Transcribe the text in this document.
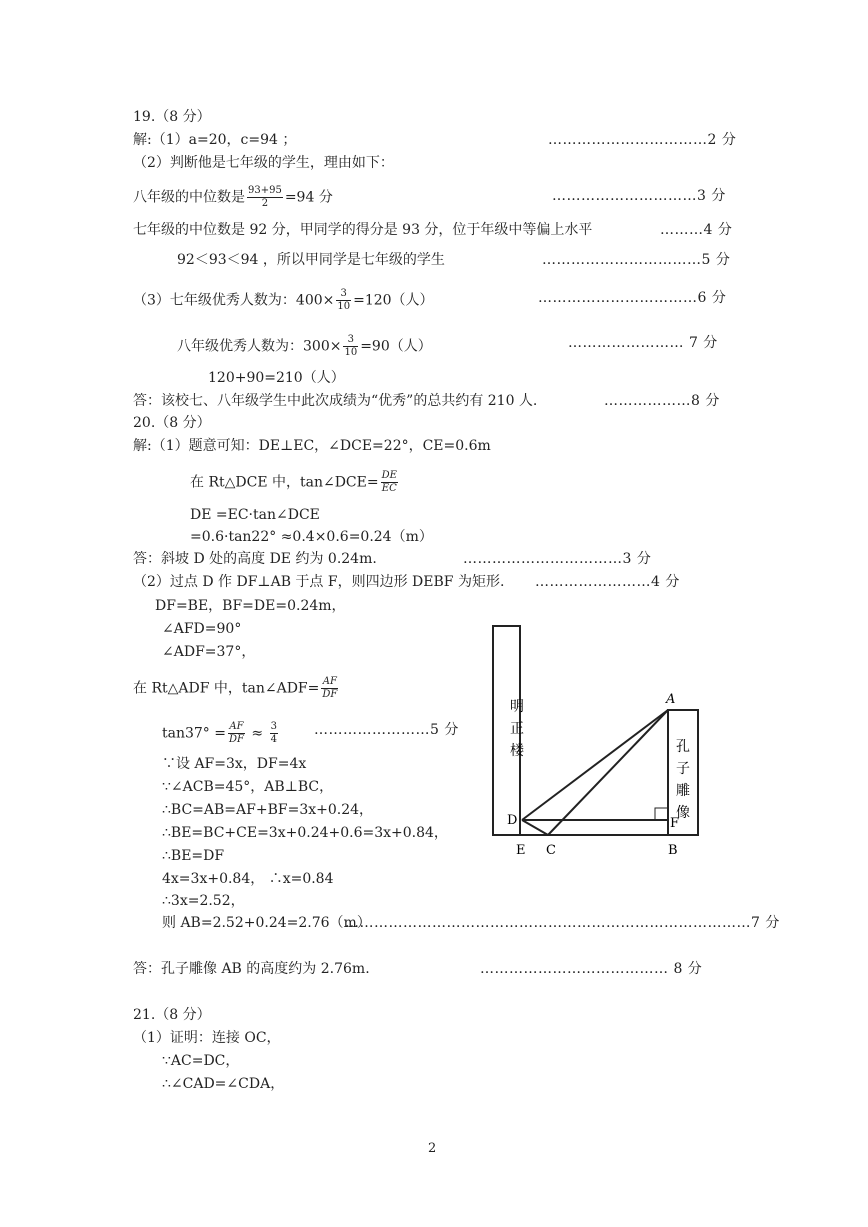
19.（8 分）
解:（1）a=20，c=94 ；	……………………………2 分
（2）判断他是七年级的学生，理由如下：
八年级的中位数是 $\frac{93+95}{2} =94$ 分	…………………………3 分
七年级的中位数是 92 分，甲同学的得分是 93 分，位于年级中等偏上水平	………4 分
92＜93＜94 ，所以甲同学是七年级的学生	……………………………5 分
（3）七年级优秀人数为：$400\times \frac{3}{10} =120$（人）	……………………………6 分
八年级优秀人数为：$300\times \frac{3}{10} =90$（人）	…………………… 7 分
120+90=210（人）
答：该校七、八年级学生中此次成绩为“优秀”的总共约有 210 人.	………………8 分
20.（8 分）
解:（1）题意可知：DE⊥EC，∠DCE=22°，CE=0.6m
在 Rt△DCE 中，tan∠DCE= $\frac{DE}{EC}$
DE =EC·tan∠DCE
=0.6·tan22° ≈0.4×0.6=0.24（m）
答：斜坡 D 处的高度 DE 约为 0.24m.	……………………………3 分
（2）过点 D 作 DF⊥AB 于点 F，则四边形 DEBF 为矩形. ……………………4 分
DF=BE，BF=DE=0.24m，
∠AFD=90°
∠ADF=37°，
在 Rt△ADF 中，tan∠ADF= $\frac{AF}{DF}$
$\tan 37^\circ = \frac{AF}{DF} \approx \frac{3}{4}$	……………………5 分
∵设 AF=3x，DF=4x
∵∠ACB=45°，AB⊥BC，
∴BC=AB=AF+BF=3x+0.24，
∴BE=BC+CE=3x+0.24+0.6=3x+0.84，
∴BE=DF
4x=3x+0.84， ∴x=0.84
∴3x=2.52，
则 AB=2.52+0.24=2.76（m）
…………………………………………………………………………7 分
答：孔子雕像 AB 的高度约为 2.76m.	………………………………… 8 分
21.（8 分）
（1）证明：连接 OC，
∵AC=DC，
∴∠CAD=∠CDA，
明
正
楼	孔
子
雕
像
A
D	F
E C	B
2
